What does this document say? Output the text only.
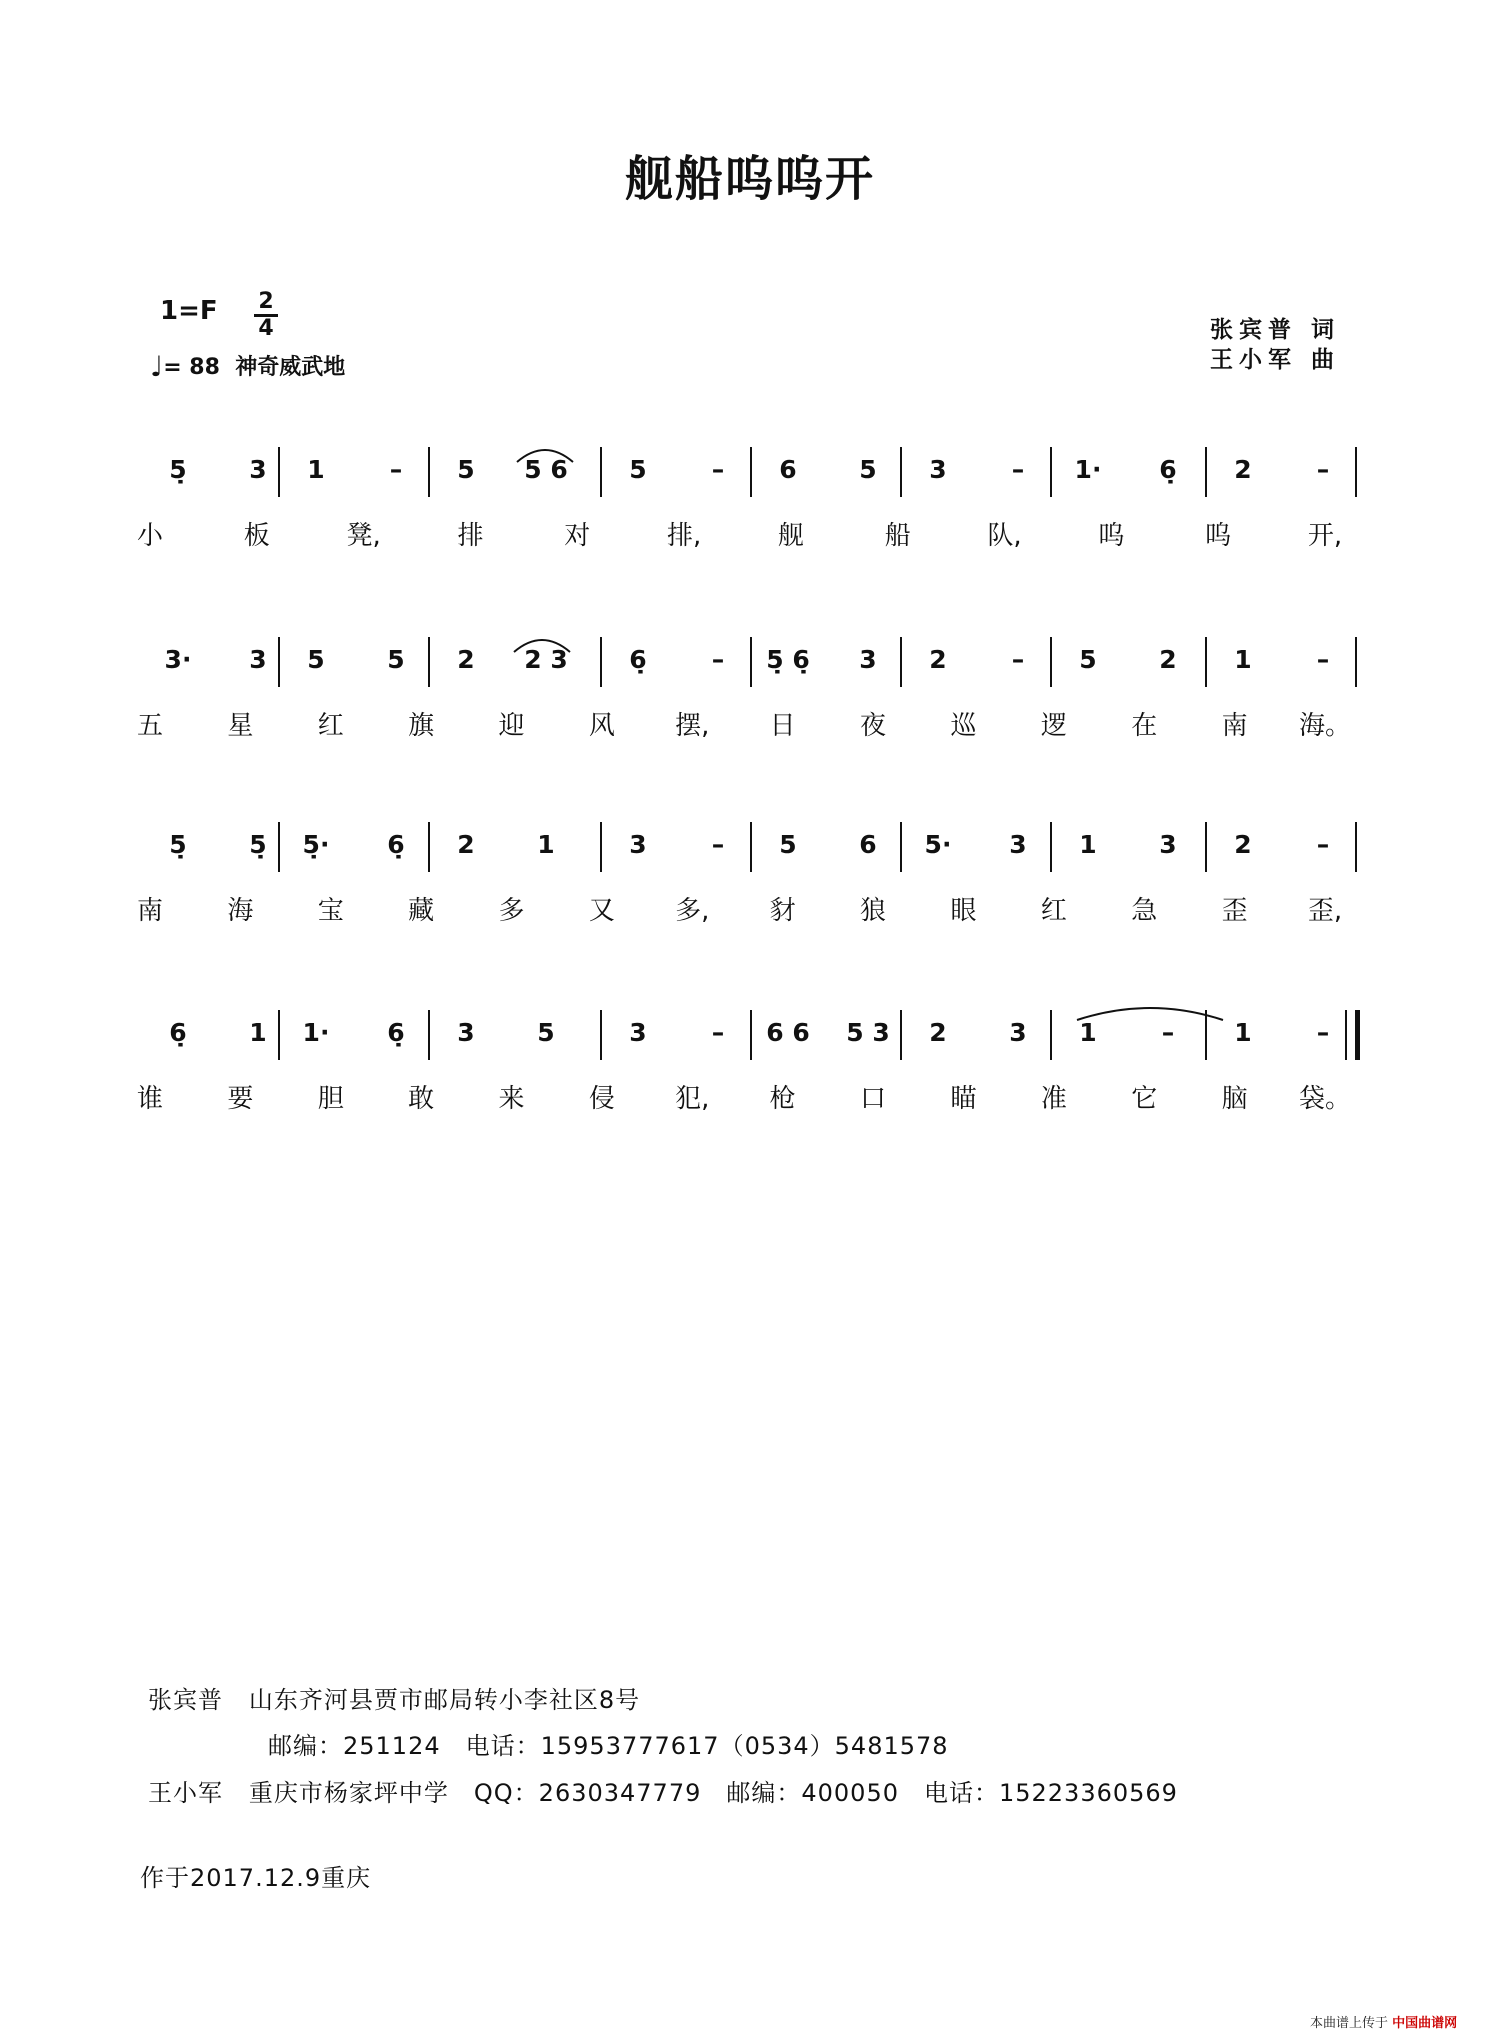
舰船呜呜开
$1=F \frac{2}{4}$
♩= 88 神奇威武地
张宾普 词
王小军 曲
5̣	3 1	– 5 5 6 5	– 6	5 3	– 1· 6̣ 2	–
小	板	凳,	排	对	排,	舰	船	队,	呜	呜	开,
3· 3 5	5 2 2 3 6̣	– 5̣ 6̣ 3 2	– 5	2 1	–
五 星 红 旗 迎 风 摆, 日 夜 巡 逻 在 南 海。
5̣	5̣ 5̣· 6̣ 2	1	3	– 5	6 5· 3 1	3 2	–
南 海 宝 藏 多 又 多, 豺 狼 眼 红 急 歪 歪,
6̣	1 1· 6̣ 3	5	3	– 6 6 5 3 2	3 1	– 1	–
谁 要 胆 敢 来 侵 犯, 枪 口 瞄 准 它 脑 袋。
张宾普 山东齐河县贾市邮局转小李社区8号
邮编：251124　电话：15953777617（0534）5481578
王小军 重庆市杨家坪中学　QQ：2630347779　邮编：400050　电话：15223360569
作于2017.12.9重庆
本曲谱上传于 中国曲谱网
